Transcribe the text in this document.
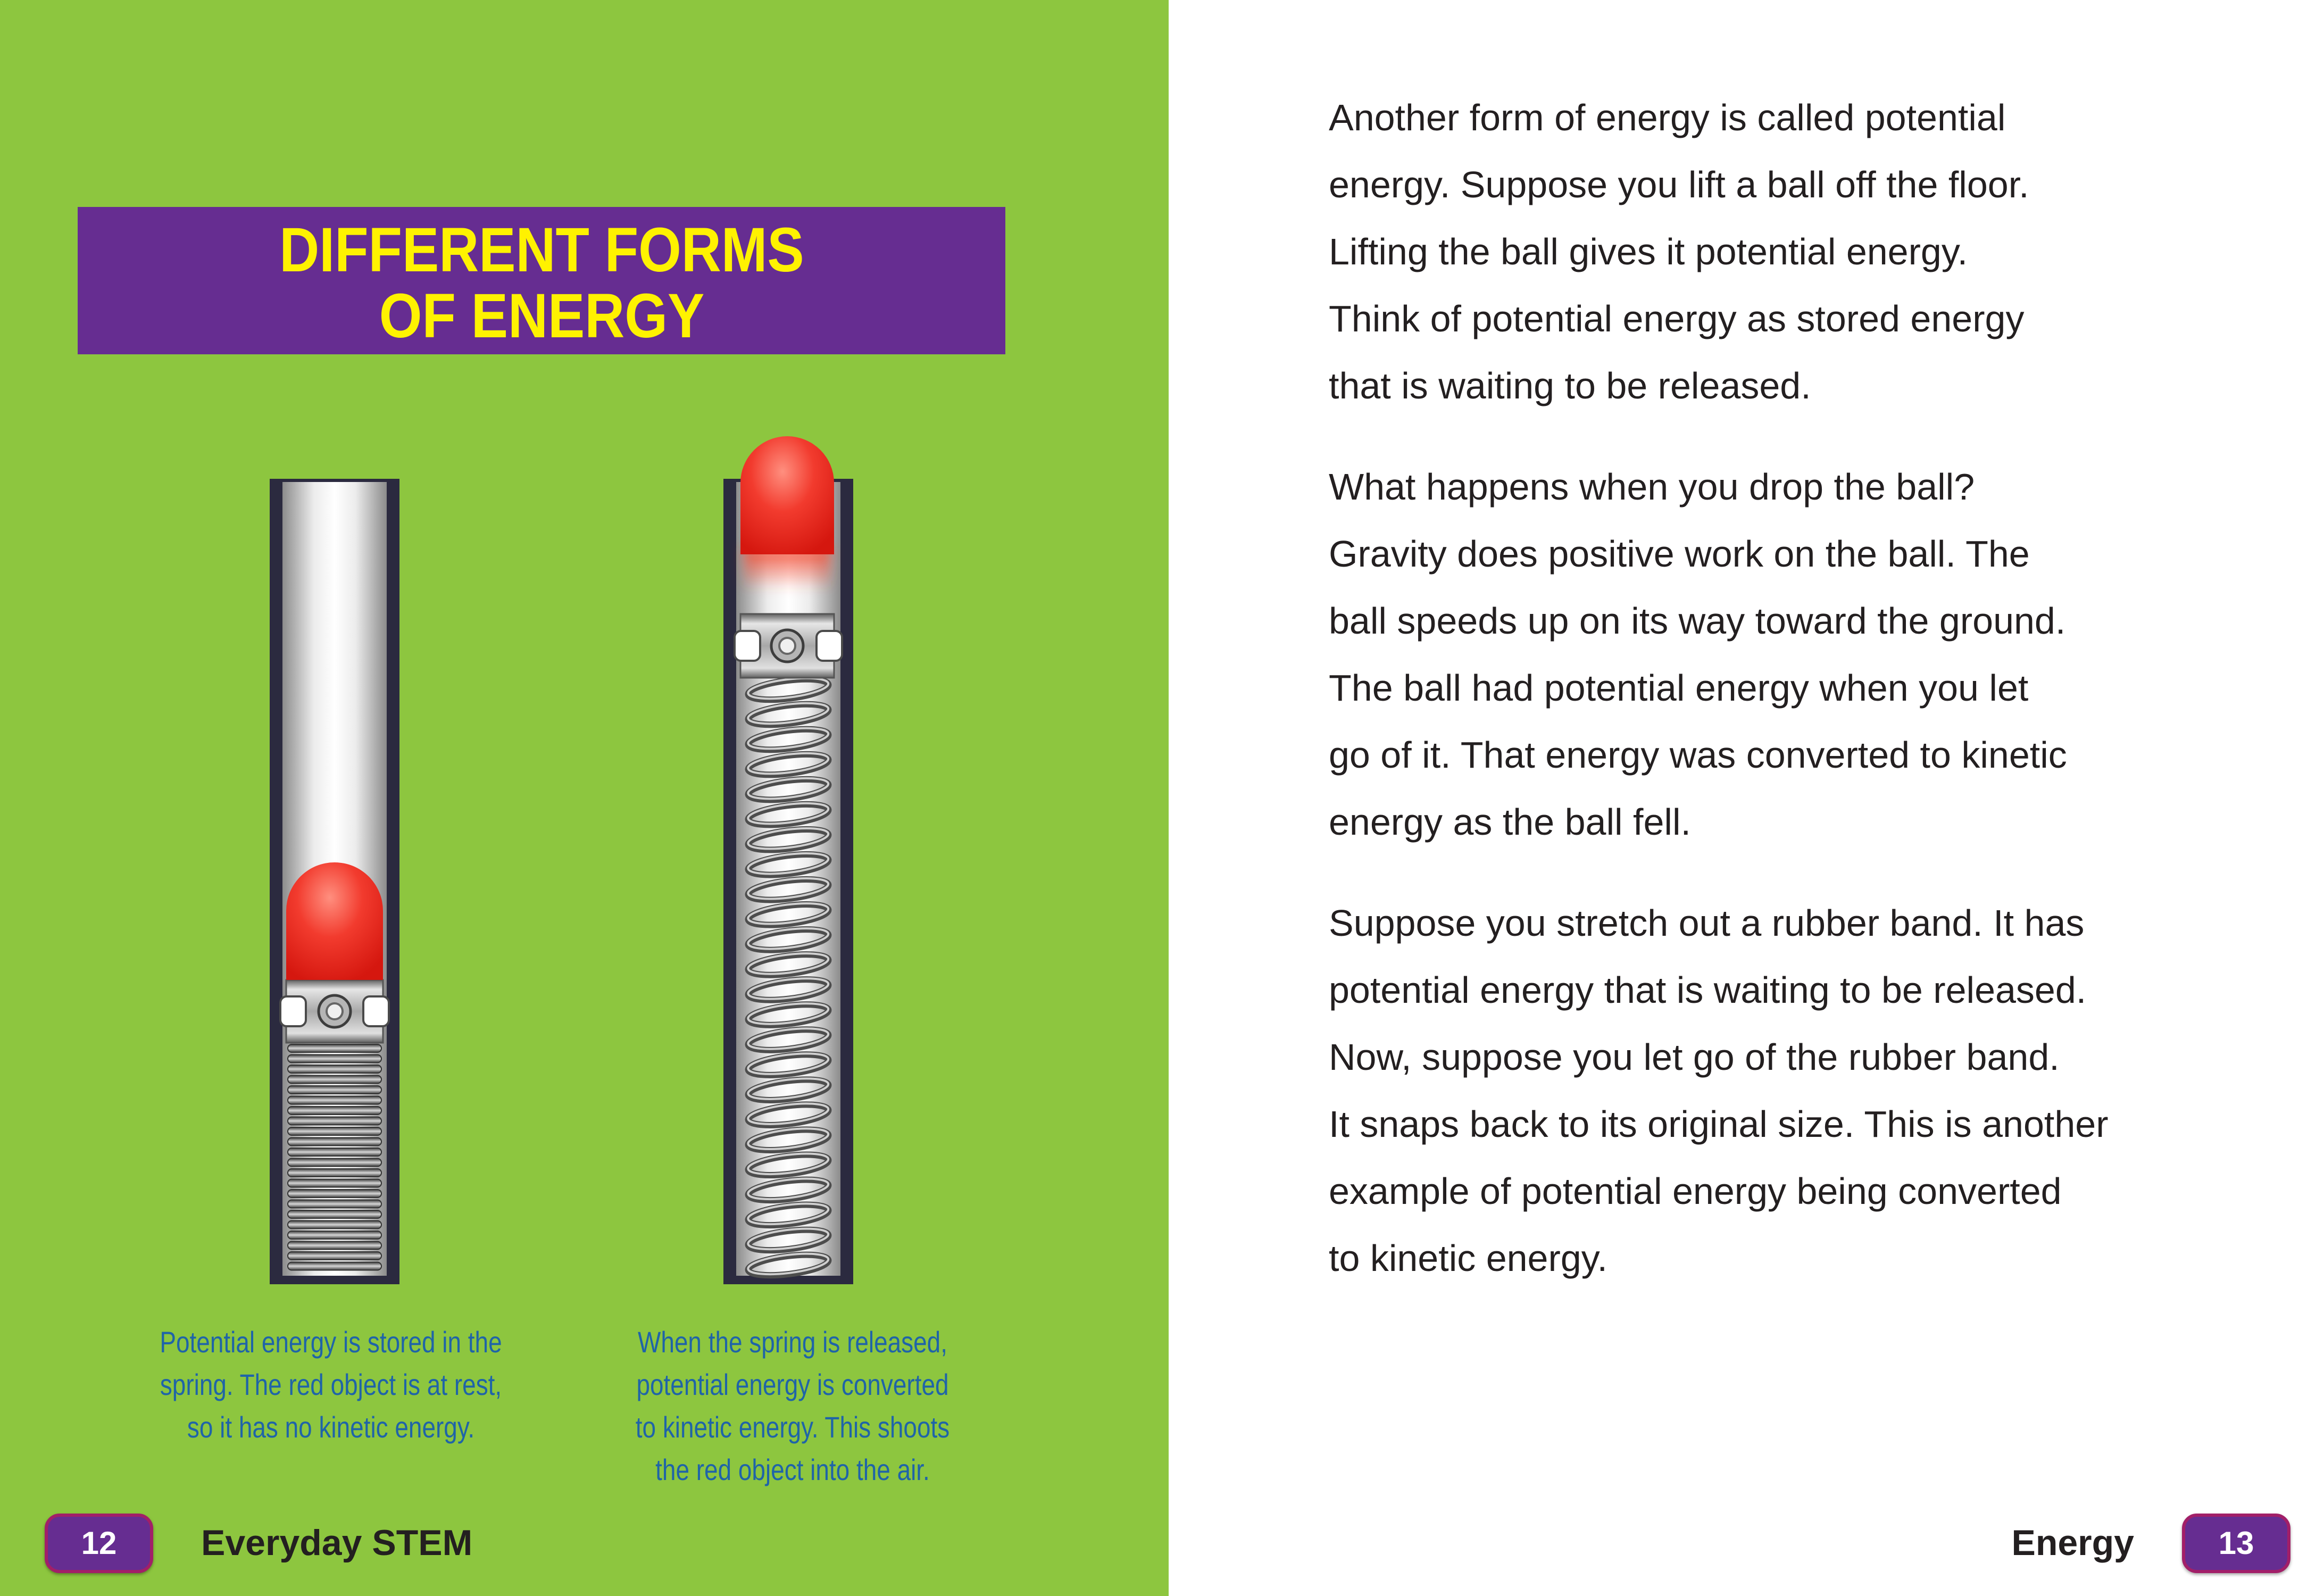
DIFFERENT FORMS
OF ENERGY
Potential energy is stored in the
spring. The red object is at rest,
so it has no kinetic energy.
When the spring is released,
potential energy is converted
to kinetic energy. This shoots
the red object into the air.
12	Everyday STEM
Another form of energy is called potential
energy. Suppose you lift a ball off the floor.
Lifting the ball gives it potential energy.
Think of potential energy as stored energy
that is waiting to be released.
What happens when you drop the ball?
Gravity does positive work on the ball. The
ball speeds up on its way toward the ground.
The ball had potential energy when you let
go of it. That energy was converted to kinetic
energy as the ball fell.
Suppose you stretch out a rubber band. It has
potential energy that is waiting to be released.
Now, suppose you let go of the rubber band.
It snaps back to its original size. This is another
example of potential energy being converted
to kinetic energy.
Energy	13
